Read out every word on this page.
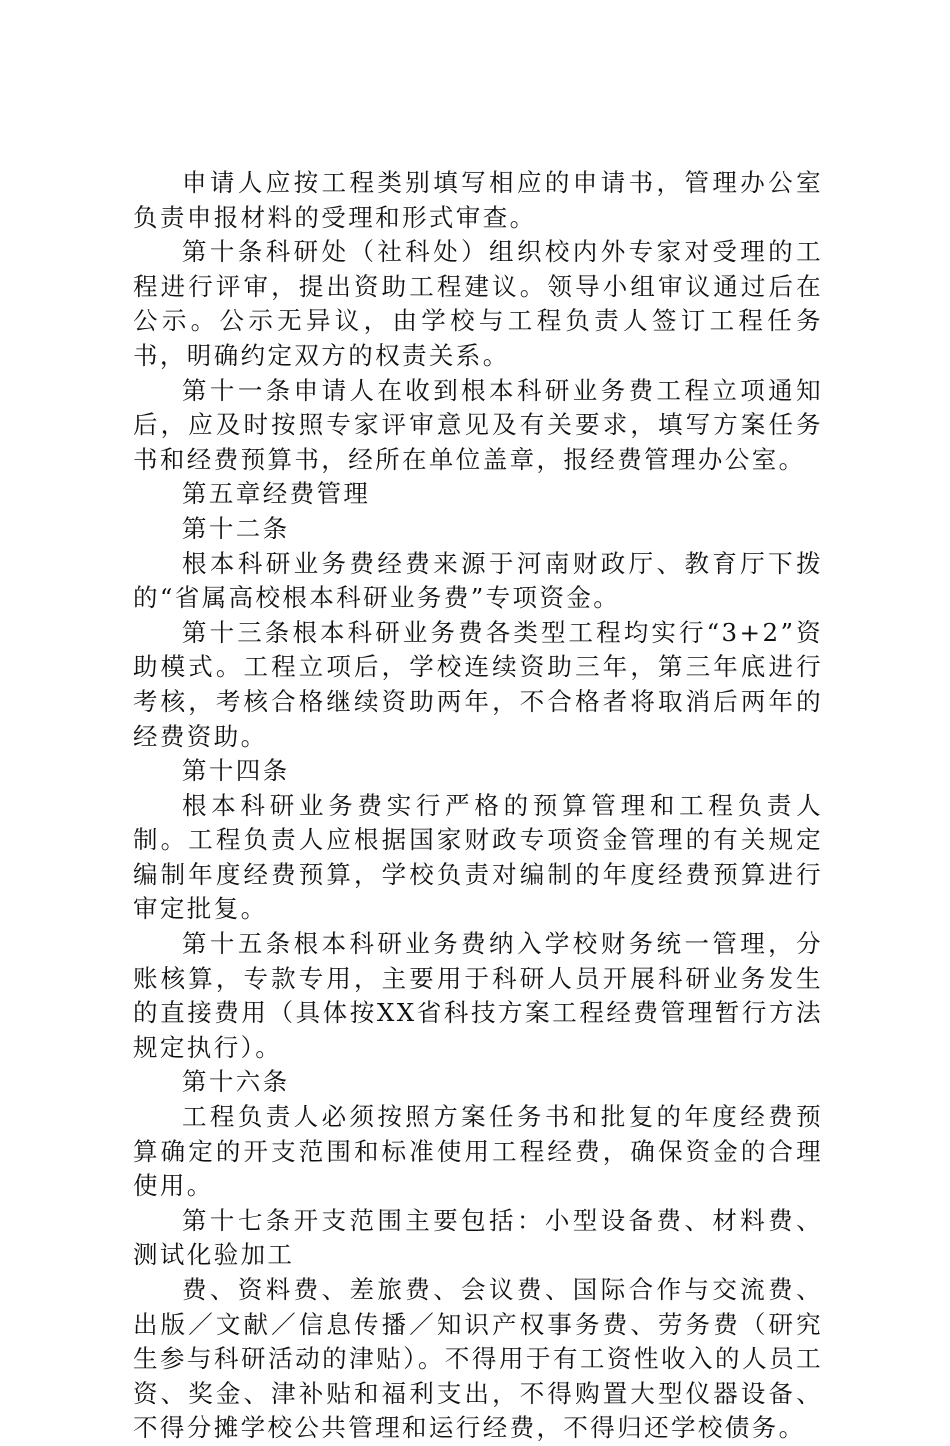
申请人应按工程类别填写相应的申请书，管理办公室负责申报材料的受理和形式审查。

第十条科研处（社科处）组织校内外专家对受理的工程进行评审，提出资助工程建议。领导小组审议通过后在公示。公示无异议，由学校与工程负责人签订工程任务书，明确约定双方的权责关系。

第十一条申请人在收到根本科研业务费工程立项通知后，应及时按照专家评审意见及有关要求，填写方案任务书和经费预算书，经所在单位盖章，报经费管理办公室。

第五章经费管理

第十二条

根本科研业务费经费来源于河南财政厅、教育厅下拨的“省属高校根本科研业务费”专项资金。

第十三条根本科研业务费各类型工程均实行“3+2”资助模式。工程立项后，学校连续资助三年，第三年底进行考核，考核合格继续资助两年，不合格者将取消后两年的经费资助。

第十四条

根本科研业务费实行严格的预算管理和工程负责人制。工程负责人应根据国家财政专项资金管理的有关规定编制年度经费预算，学校负责对编制的年度经费预算进行审定批复。

第十五条根本科研业务费纳入学校财务统一管理，分账核算，专款专用，主要用于科研人员开展科研业务发生的直接费用（具体按XX省科技方案工程经费管理暂行方法规定执行）。

第十六条

工程负责人必须按照方案任务书和批复的年度经费预算确定的开支范围和标准使用工程经费，确保资金的合理使用。

第十七条开支范围主要包括：小型设备费、材料费、测试化验加工

费、资料费、差旅费、会议费、国际合作与交流费、出版／文献／信息传播／知识产权事务费、劳务费（研究生参与科研活动的津贴）。不得用于有工资性收入的人员工资、奖金、津补贴和福利支出，不得购置大型仪器设备、不得分摊学校公共管理和运行经费，不得归还学校债务。
